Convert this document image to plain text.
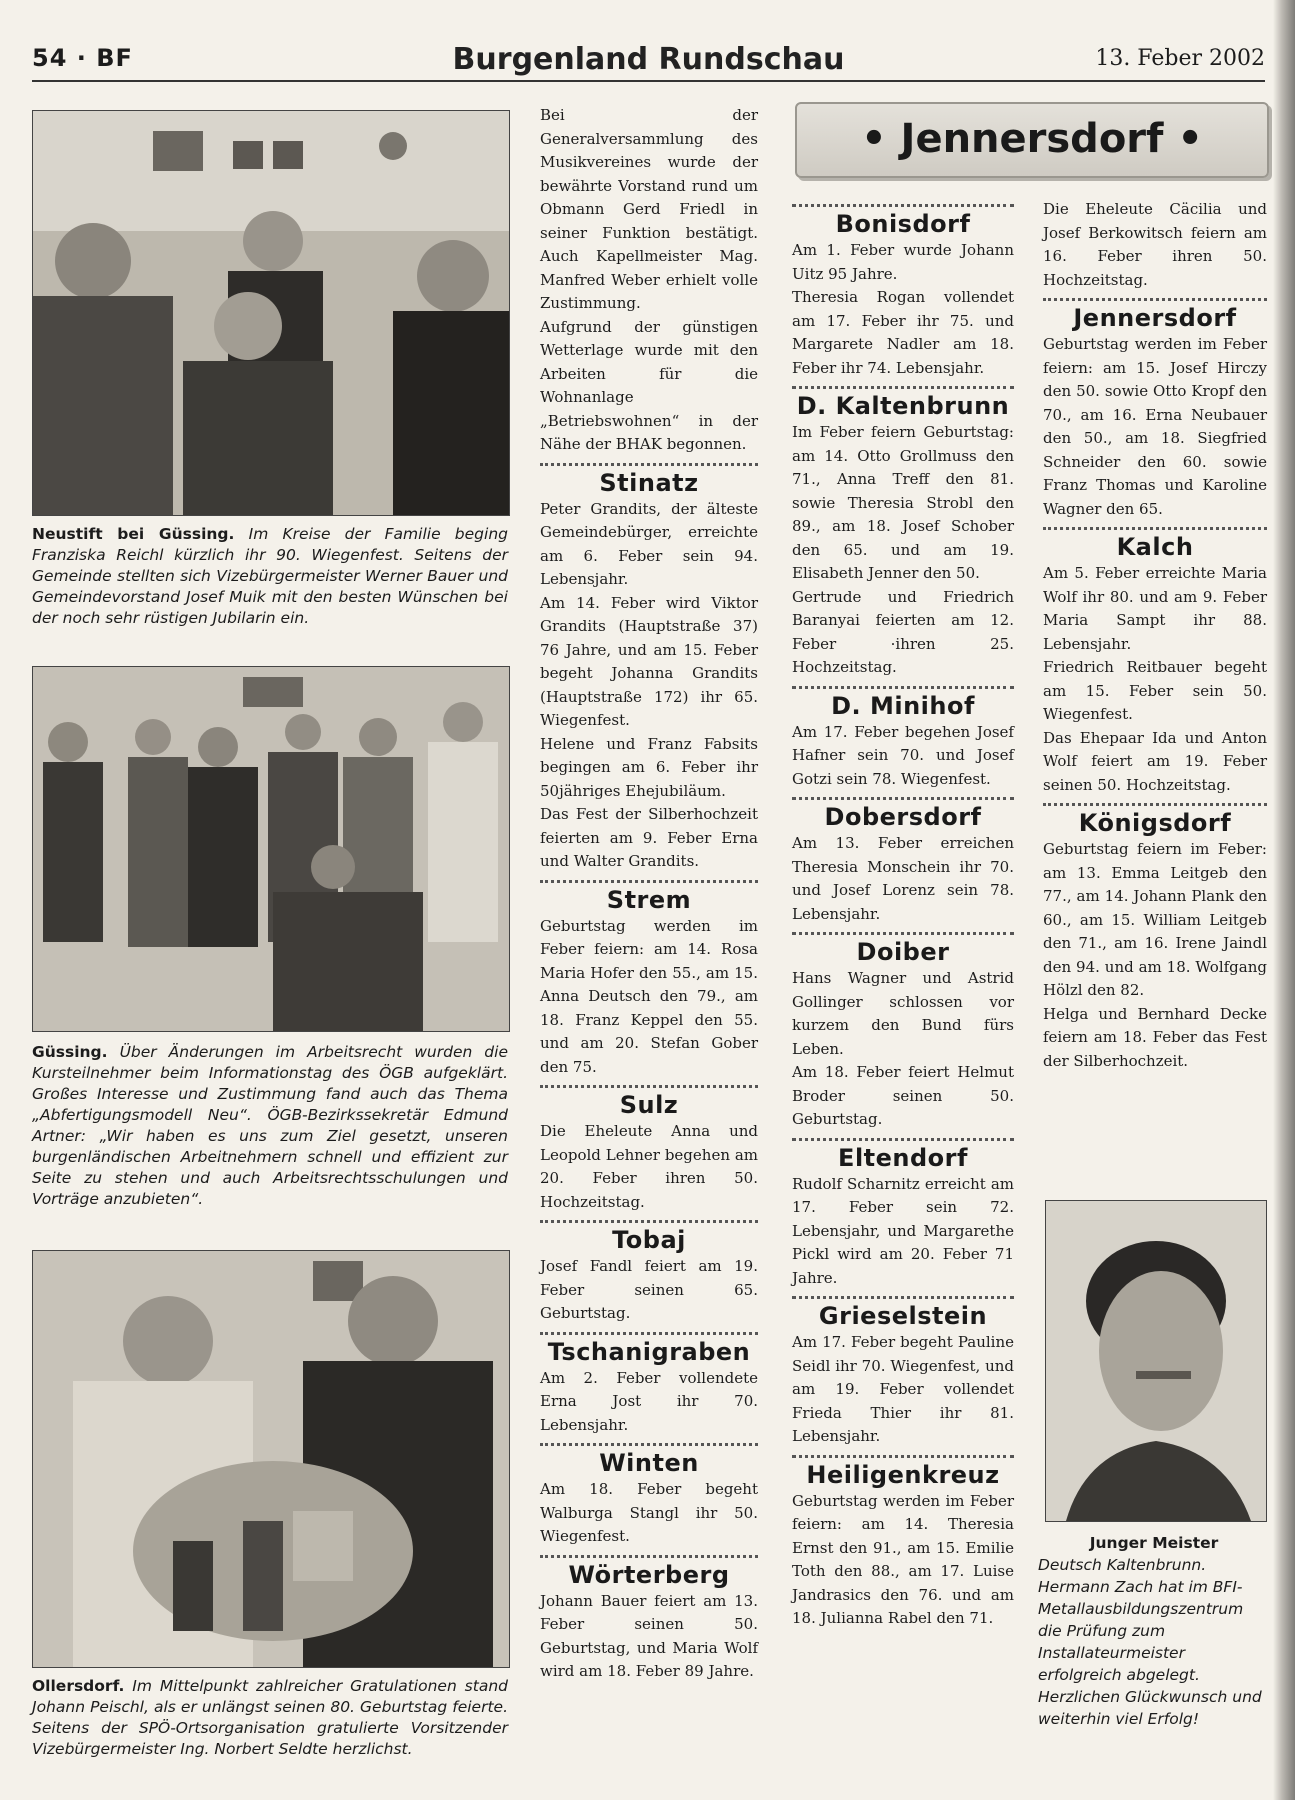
54 · BF	Burgenland Rundschau	13. Feber 2002
Neustift bei Güssing. Im Kreise der Familie beging Franziska Reichl kürzlich ihr 90. Wiegenfest. Seitens der Gemeinde stellten sich Vizebürgermeister Werner Bauer und Gemeindevorstand Josef Muik mit den besten Wünschen bei der noch sehr rüstigen Jubilarin ein.
Güssing. Über Änderungen im Arbeitsrecht wurden die Kursteilnehmer beim Informationstag des ÖGB aufgeklärt. Großes Interesse und Zustimmung fand auch das Thema „Abfertigungsmodell Neu“. ÖGB-Bezirkssekretär Edmund Artner: „Wir haben es uns zum Ziel gesetzt, unseren burgenländischen Arbeitnehmern schnell und effizient zur Seite zu stehen und auch Arbeitsrechtsschulungen und Vorträge anzubieten“.
Ollersdorf. Im Mittelpunkt zahlreicher Gratulationen stand Johann Peischl, als er unlängst seinen 80. Geburtstag feierte. Seitens der SPÖ-Ortsorganisation gratulierte Vorsitzender Vizebürgermeister Ing. Norbert Seldte herzlichst.

Bei der Generalversammlung des Musikvereines wurde der bewährte Vorstand rund um Obmann Gerd Friedl in seiner Funktion bestätigt. Auch Kapellmeister Mag. Manfred Weber erhielt volle Zustimmung.

Aufgrund der günstigen Wetterlage wurde mit den Arbeiten für die Wohnanlage „Betriebswohnen“ in der Nähe der BHAK begonnen.

Stinatz

Peter Grandits, der älteste Gemeindebürger, erreichte am 6. Feber sein 94. Lebensjahr.

Am 14. Feber wird Viktor Grandits (Hauptstraße 37) 76 Jahre, und am 15. Feber begeht Johanna Grandits (Hauptstraße 172) ihr 65. Wiegenfest.

Helene und Franz Fabsits begingen am 6. Feber ihr 50jähriges Ehejubiläum.

Das Fest der Silberhochzeit feierten am 9. Feber Erna und Walter Grandits.

Strem

Geburtstag werden im Feber feiern: am 14. Rosa Maria Hofer den 55., am 15. Anna Deutsch den 79., am 18. Franz Keppel den 55. und am 20. Stefan Gober den 75.

Sulz

Die Eheleute Anna und Leopold Lehner begehen am 20. Feber ihren 50. Hochzeitstag.

Tobaj

Josef Fandl feiert am 19. Feber seinen 65. Geburtstag.

Tschanigraben

Am 2. Feber vollendete Erna Jost ihr 70. Lebensjahr.

Winten

Am 18. Feber begeht Walburga Stangl ihr 50. Wiegenfest.

Wörterberg

Johann Bauer feiert am 13. Feber seinen 50. Geburtstag, und Maria Wolf wird am 18. Feber 89 Jahre.

• Jennersdorf •

Bonisdorf

Am 1. Feber wurde Johann Uitz 95 Jahre.

Theresia Rogan vollendet am 17. Feber ihr 75. und Margarete Nadler am 18. Feber ihr 74. Lebensjahr.

D. Kaltenbrunn

Im Feber feiern Geburtstag: am 14. Otto Grollmuss den 71., Anna Treff den 81. sowie Theresia Strobl den 89., am 18. Josef Schober den 65. und am 19. Elisabeth Jenner den 50.

Gertrude und Friedrich Baranyai feierten am 12. Feber ·ihren 25. Hochzeitstag.

D. Minihof

Am 17. Feber begehen Josef Hafner sein 70. und Josef Gotzi sein 78. Wiegenfest.

Dobersdorf

Am 13. Feber erreichen Theresia Monschein ihr 70. und Josef Lorenz sein 78. Lebensjahr.

Doiber

Hans Wagner und Astrid Gollinger schlossen vor kurzem den Bund fürs Leben.

Am 18. Feber feiert Helmut Broder seinen 50. Geburtstag.

Eltendorf

Rudolf Scharnitz erreicht am 17. Feber sein 72. Lebensjahr, und Margarethe Pickl wird am 20. Feber 71 Jahre.

Grieselstein

Am 17. Feber begeht Pauline Seidl ihr 70. Wiegenfest, und am 19. Feber vollendet Frieda Thier ihr 81. Lebensjahr.

Heiligenkreuz

Geburtstag werden im Feber feiern: am 14. Theresia Ernst den 91., am 15. Emilie Toth den 88., am 17. Luise Jandrasics den 76. und am 18. Julianna Rabel den 71.

Die Eheleute Cäcilia und Josef Berkowitsch feiern am 16. Feber ihren 50. Hochzeitstag.

Jennersdorf

Geburtstag werden im Feber feiern: am 15. Josef Hirczy den 50. sowie Otto Kropf den 70., am 16. Erna Neubauer den 50., am 18. Siegfried Schneider den 60. sowie Franz Thomas und Karoline Wagner den 65.

Kalch

Am 5. Feber erreichte Maria Wolf ihr 80. und am 9. Feber Maria Sampt ihr 88. Lebensjahr.

Friedrich Reitbauer begeht am 15. Feber sein 50. Wiegenfest.

Das Ehepaar Ida und Anton Wolf feiert am 19. Feber seinen 50. Hochzeitstag.

Königsdorf

Geburtstag feiern im Feber: am 13. Emma Leitgeb den 77., am 14. Johann Plank den 60., am 15. William Leitgeb den 71., am 16. Irene Jaindl den 94. und am 18. Wolfgang Hölzl den 82.

Helga und Bernhard Decke feiern am 18. Feber das Fest der Silberhochzeit.

Junger Meister
Deutsch Kaltenbrunn. Hermann Zach hat im BFI-Metallausbildungszentrum die Prüfung zum Installateurmeister erfolgreich abgelegt. Herzlichen Glückwunsch und weiterhin viel Erfolg!
